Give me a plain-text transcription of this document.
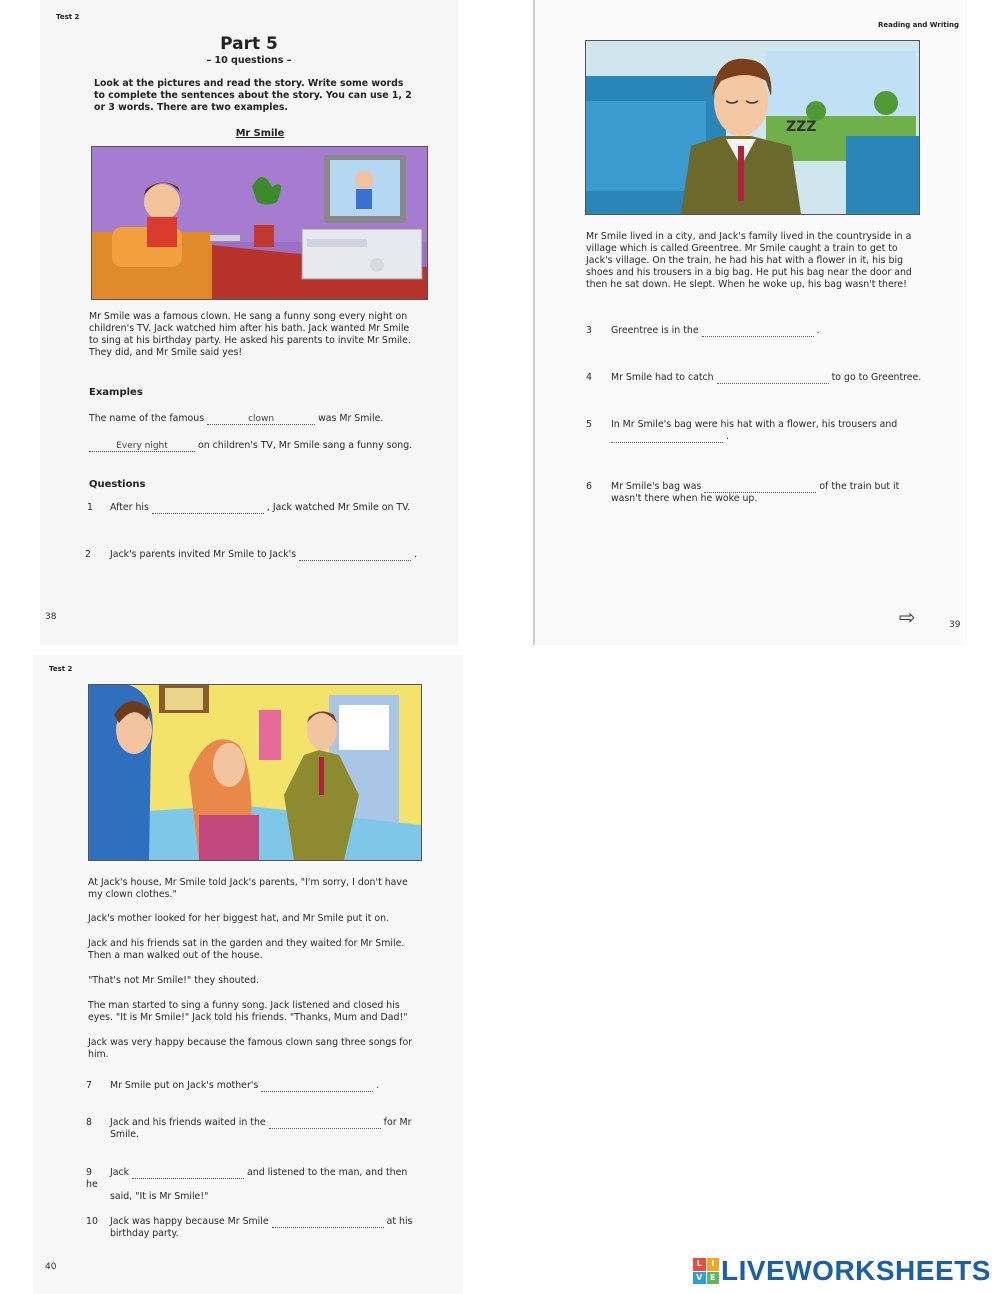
Test 2
Part 5
– 10 questions –
Look at the pictures and read the story. Write some words to complete the sentences about the story. You can use 1, 2 or 3 words. There are two examples.
Mr Smile
Mr Smile was a famous clown. He sang a funny song every night on children's TV. Jack watched him after his bath. Jack wanted Mr Smile to sing at his birthday party. He asked his parents to invite Mr Smile. They did, and Mr Smile said yes!
Examples
The name of the famous	clown	was Mr Smile.
Every night	on children's TV, Mr Smile sang a funny song.
Questions
1 After his	, Jack watched Mr Smile on TV.
2 Jack's parents invited Mr Smile to Jack's	.
38
Reading and Writing
ZZZ
Mr Smile lived in a city, and Jack's family lived in the countryside in a village which is called Greentree. Mr Smile caught a train to get to Jack's village. On the train, he had his hat with a flower in it, his big shoes and his trousers in a big bag. He put his bag near the door and then he sat down. He slept. When he woke up, his bag wasn't there!
3 Greentree is in the	.
4 Mr Smile had to catch	to go to Greentree.
5 In Mr Smile's bag were his hat with a flower, his trousers and
.
6 Mr Smile's bag was	of the train but it
wasn't there when he woke up.
⇨	39
Test 2
At Jack's house, Mr Smile told Jack's parents, "I'm sorry, I don't have my clown clothes."
Jack's mother looked for her biggest hat, and Mr Smile put it on.
Jack and his friends sat in the garden and they waited for Mr Smile. Then a man walked out of the house.
"That's not Mr Smile!" they shouted.
The man started to sing a funny song. Jack listened and closed his eyes. "It is Mr Smile!" Jack told his friends. "Thanks, Mum and Dad!"
Jack was very happy because the famous clown sang three songs for him.
7 Mr Smile put on Jack's mother's	.
8 Jack and his friends waited in the	for Mr
Smile.
9 Jack	and listened to the man, and then he
said, "It is Mr Smile!"
10 Jack was happy because Mr Smile	at his
birthday party.
40	L	I
V E LIVEWORKSHEETS
